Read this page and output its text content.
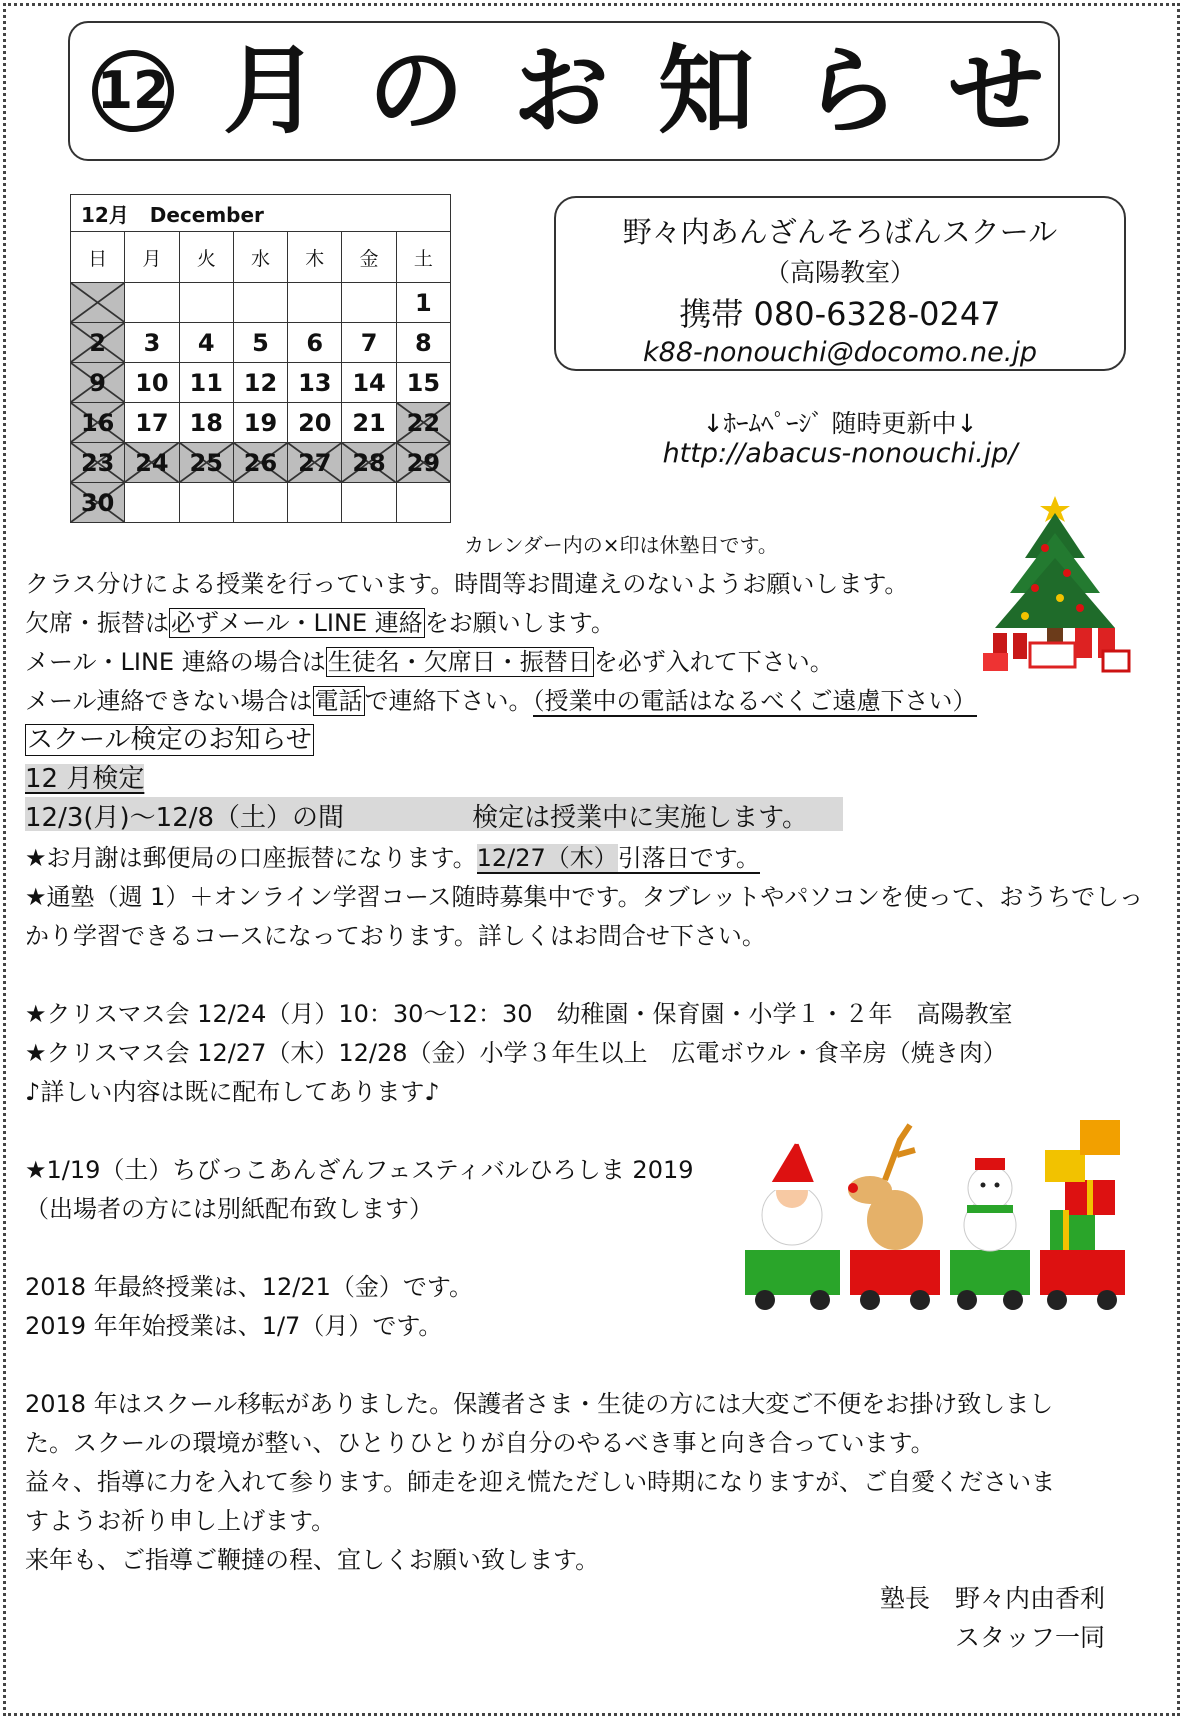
12 月 の お 知 ら せ
12月 December						
日	月	火	水	木	金	土

						1

2	3	4	5	6	7	8

9	10	11	12	13	14	15

16	17	18	19	20	21	22

23	24	25	26	27	28	29

30						
カレンダー内の×印は休塾日です。
野々内あんざんそろばんスクール
（高陽教室）
携帯 080-6328-0247
k88-nonouchi@docomo.ne.jp
↓ﾎｰﾑﾍﾟｰｼﾞ 随時更新中↓
http://abacus-nonouchi.jp/
クラス分けによる授業を行っています。時間等お間違えのないようお願いします。
欠席・振替は必ずメール・LINE 連絡をお願いします。
メール・LINE 連絡の場合は生徒名・欠席日・振替日を必ず入れて下さい。
メール連絡できない場合は電話で連絡下さい。（授業中の電話はなるべくご遠慮下さい）
スクール検定のお知らせ
12 月検定
12/3(月)～12/8（土）の間	検定は授業中に実施します。
★お月謝は郵便局の口座振替になります。12/27（木）引落日です。
★通塾（週 1）＋オンライン学習コース随時募集中です。タブレットやパソコンを使って、おうちでしっ
かり学習できるコースになっております。詳しくはお問合せ下さい。
★クリスマス会 12/24（月）10：30～12：30　幼稚園・保育園・小学１・２年　高陽教室
★クリスマス会 12/27（木）12/28（金）小学３年生以上　広電ボウル・食辛房（焼き肉）
♪詳しい内容は既に配布してあります♪
★1/19（土）ちびっこあんざんフェスティバルひろしま 2019
（出場者の方には別紙配布致します）
2018 年最終授業は、12/21（金）です。
2019 年年始授業は、1/7（月）です。
2018 年はスクール移転がありました。保護者さま・生徒の方には大変ご不便をお掛け致しまし
た。スクールの環境が整い、ひとりひとりが自分のやるべき事と向き合っています。
益々、指導に力を入れて参ります。師走を迎え慌ただしい時期になりますが、ご自愛くださいま
すようお祈り申し上げます。
来年も、ご指導ご鞭撻の程、宜しくお願い致します。
塾長 野々内由香利
スタッフ一同
